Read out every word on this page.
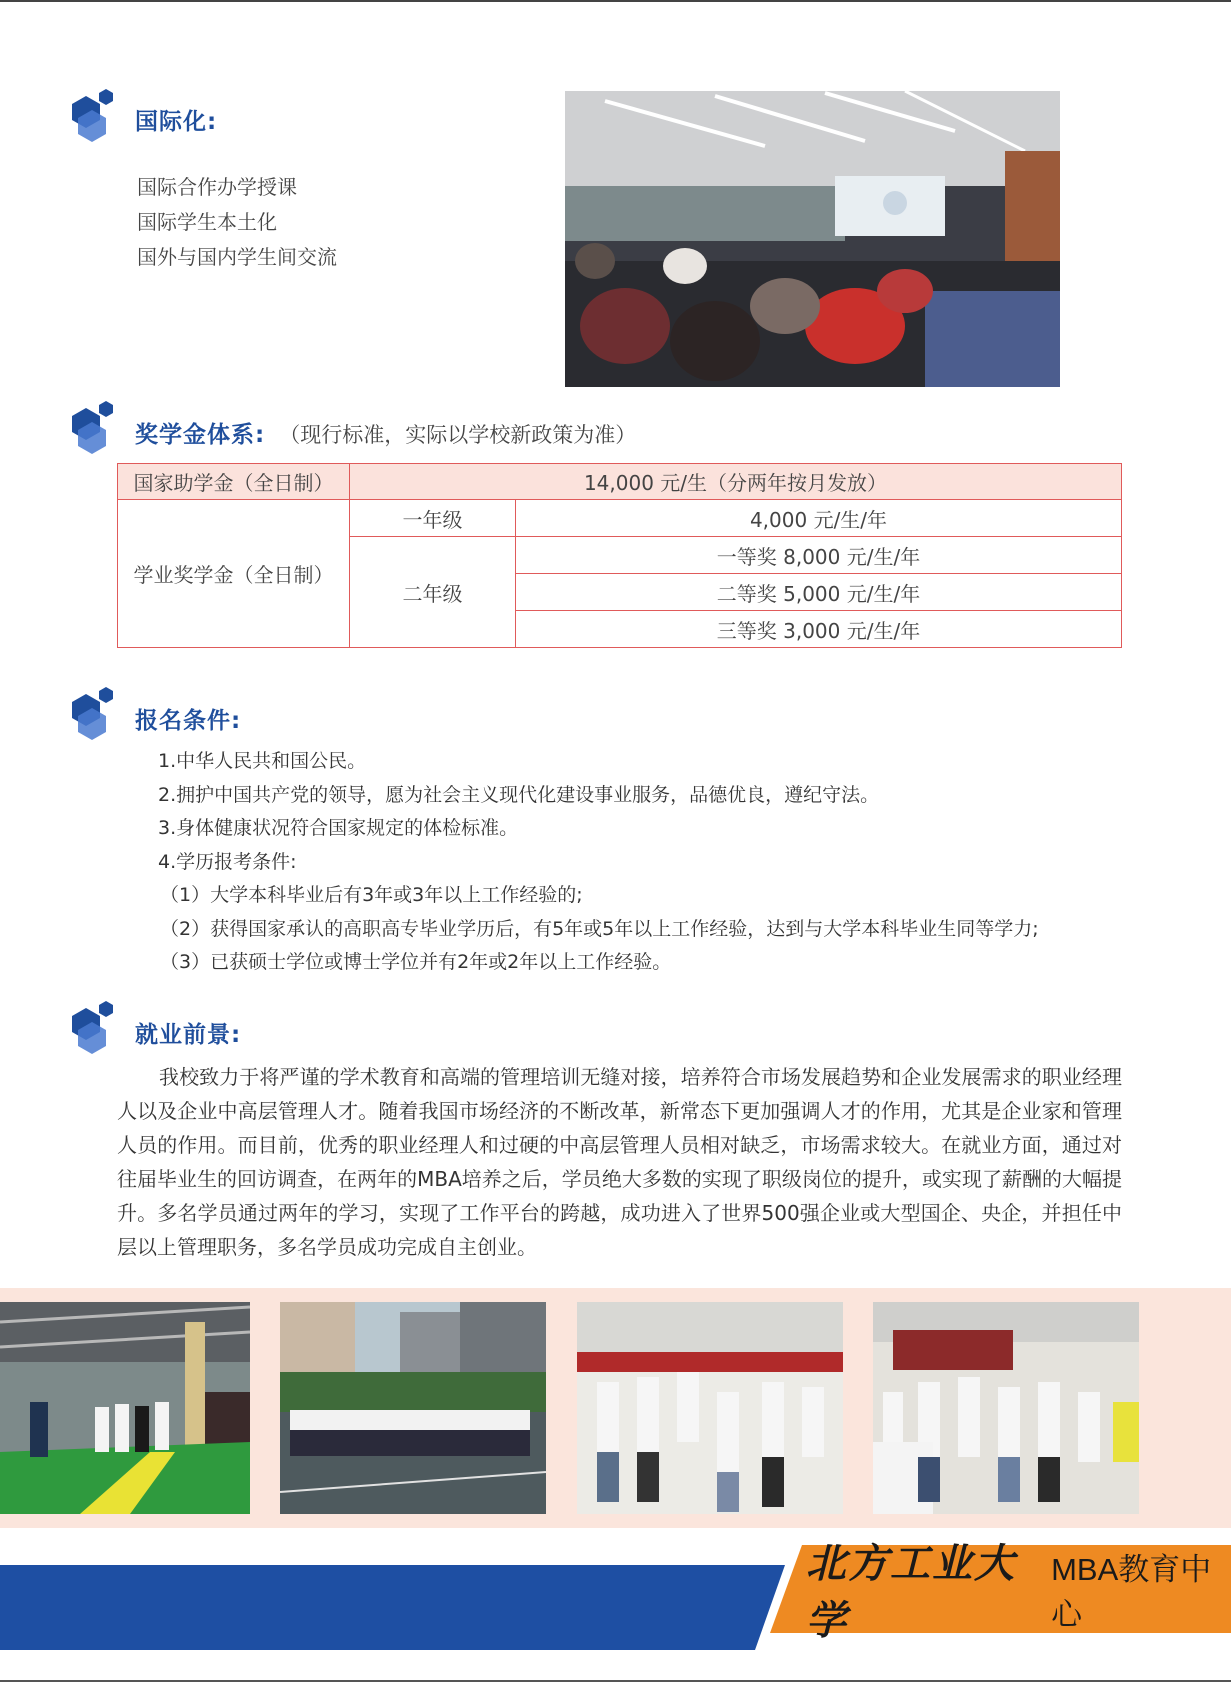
国际化:
国际合作办学授课
国际学生本土化
国外与国内学生间交流
奖学金体系: （现行标准，实际以学校新政策为准）
国家助学金（全日制）	14,000 元/生（分两年按月发放）	
学业奖学金（全日制）	一年级	4,000 元/生/年
	二年级	一等奖 8,000 元/生/年
		二等奖 5,000 元/生/年
		三等奖 3,000 元/生/年
报名条件:
1.中华人民共和国公民。
2.拥护中国共产党的领导，愿为社会主义现代化建设事业服务，品德优良，遵纪守法。
3.身体健康状况符合国家规定的体检标准。
4.学历报考条件:
（1）大学本科毕业后有3年或3年以上工作经验的;
（2）获得国家承认的高职高专毕业学历后，有5年或5年以上工作经验，达到与大学本科毕业生同等学力;
（3）已获硕士学位或博士学位并有2年或2年以上工作经验。
就业前景:
我校致力于将严谨的学术教育和高端的管理培训无缝对接，培养符合市场发展趋势和企业发展需求的职业经理人以及企业中高层管理人才。随着我国市场经济的不断改革，新常态下更加强调人才的作用，尤其是企业家和管理人员的作用。而目前，优秀的职业经理人和过硬的中高层管理人员相对缺乏，市场需求较大。在就业方面，通过对往届毕业生的回访调查，在两年的MBA培养之后，学员绝大多数的实现了职级岗位的提升，或实现了薪酬的大幅提升。多名学员通过两年的学习，实现了工作平台的跨越，成功进入了世界500强企业或大型国企、央企，并担任中层以上管理职务，多名学员成功完成自主创业。
北方工业大学
MBA教育中心
